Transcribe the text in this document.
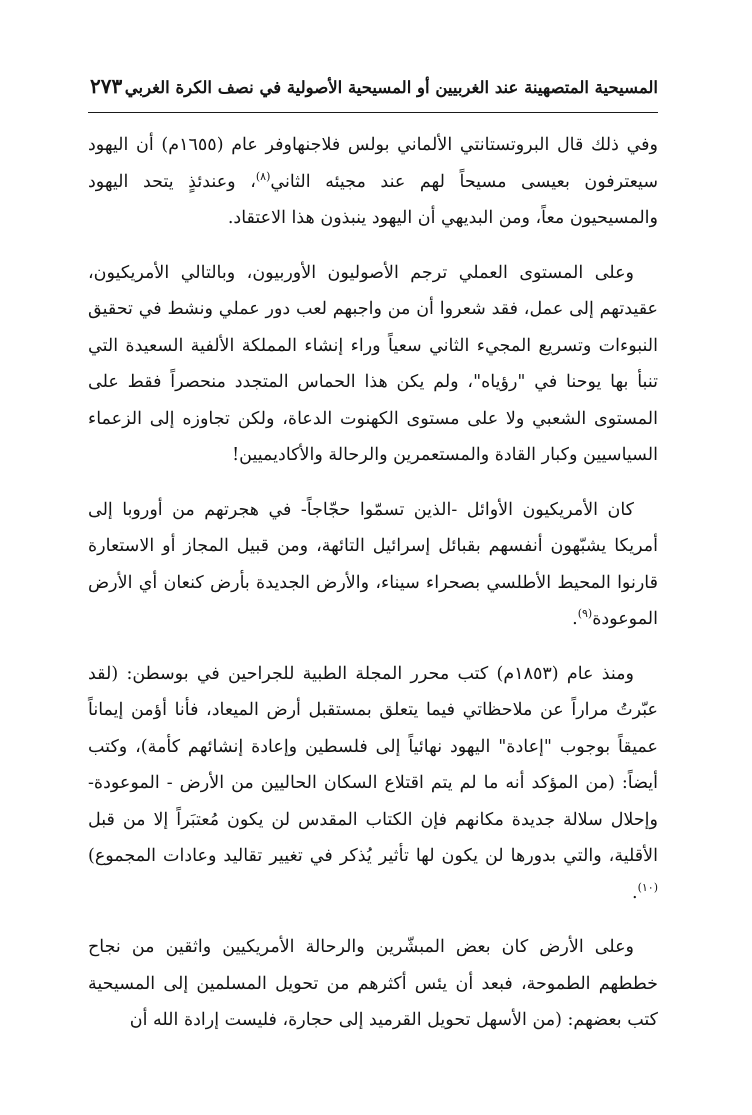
المسيحية المتصهينة عند الغربيين أو المسيحية الأصولية في نصف الكرة الغربي
٢٧٣

وفي ذلك قال البروتستانتي الألماني بولس فلاجنهاوفر عام (١٦٥٥م) أن اليهود سيعترفون بعيسى مسيحاً لهم عند مجيئه الثاني$^{(٨)}$، وعندئذٍ يتحد اليهود والمسيحيون معاً، ومن البديهي أن اليهود ينبذون هذا الاعتقاد.

وعلى المستوى العملي ترجم الأصوليون الأوربيون، وبالتالي الأمريكيون، عقيدتهم إلى عمل، فقد شعروا أن من واجبهم لعب دور عملي ونشط في تحقيق النبوءات وتسريع المجيء الثاني سعياً وراء إنشاء المملكة الألفية السعيدة التي تنبأ بها يوحنا في "رؤياه"، ولم يكن هذا الحماس المتجدد منحصراً فقط على المستوى الشعبي ولا على مستوى الكهنوت الدعاة، ولكن تجاوزه إلى الزعماء السياسيين وكبار القادة والمستعمرين والرحالة والأكاديميين!

كان الأمريكيون الأوائل -الذين تسمّوا حجّاجاً- في هجرتهم من أوروبا إلى أمريكا يشبّهون أنفسهم بقبائل إسرائيل التائهة، ومن قبيل المجاز أو الاستعارة قارنوا المحيط الأطلسي بصحراء سيناء، والأرض الجديدة بأرض كنعان أي الأرض الموعودة$^{(٩)}$.

ومنذ عام (١٨٥٣م) كتب محرر المجلة الطبية للجراحين في بوسطن: (لقد عبّرتُ مراراً عن ملاحظاتي فيما يتعلق بمستقبل أرض الميعاد، فأنا أؤمن إيماناً عميقاً بوجوب "إعادة" اليهود نهائياً إلى فلسطين وإعادة إنشائهم كأمة)، وكتب أيضاً: (من المؤكد أنه ما لم يتم اقتلاع السكان الحاليين من الأرض - الموعودة- وإحلال سلالة جديدة مكانهم فإن الكتاب المقدس لن يكون مُعتبَراً إلا من قبل الأقلية، والتي بدورها لن يكون لها تأثير يُذكر في تغيير تقاليد وعادات المجموع)$^{(١٠)}$.

وعلى الأرض كان بعض المبشّرين والرحالة الأمريكيين واثقين من نجاح خططهم الطموحة، فبعد أن يئس أكثرهم من تحويل المسلمين إلى المسيحية كتب بعضهم: (من الأسهل تحويل القرميد إلى حجارة، فليست إرادة الله أن
